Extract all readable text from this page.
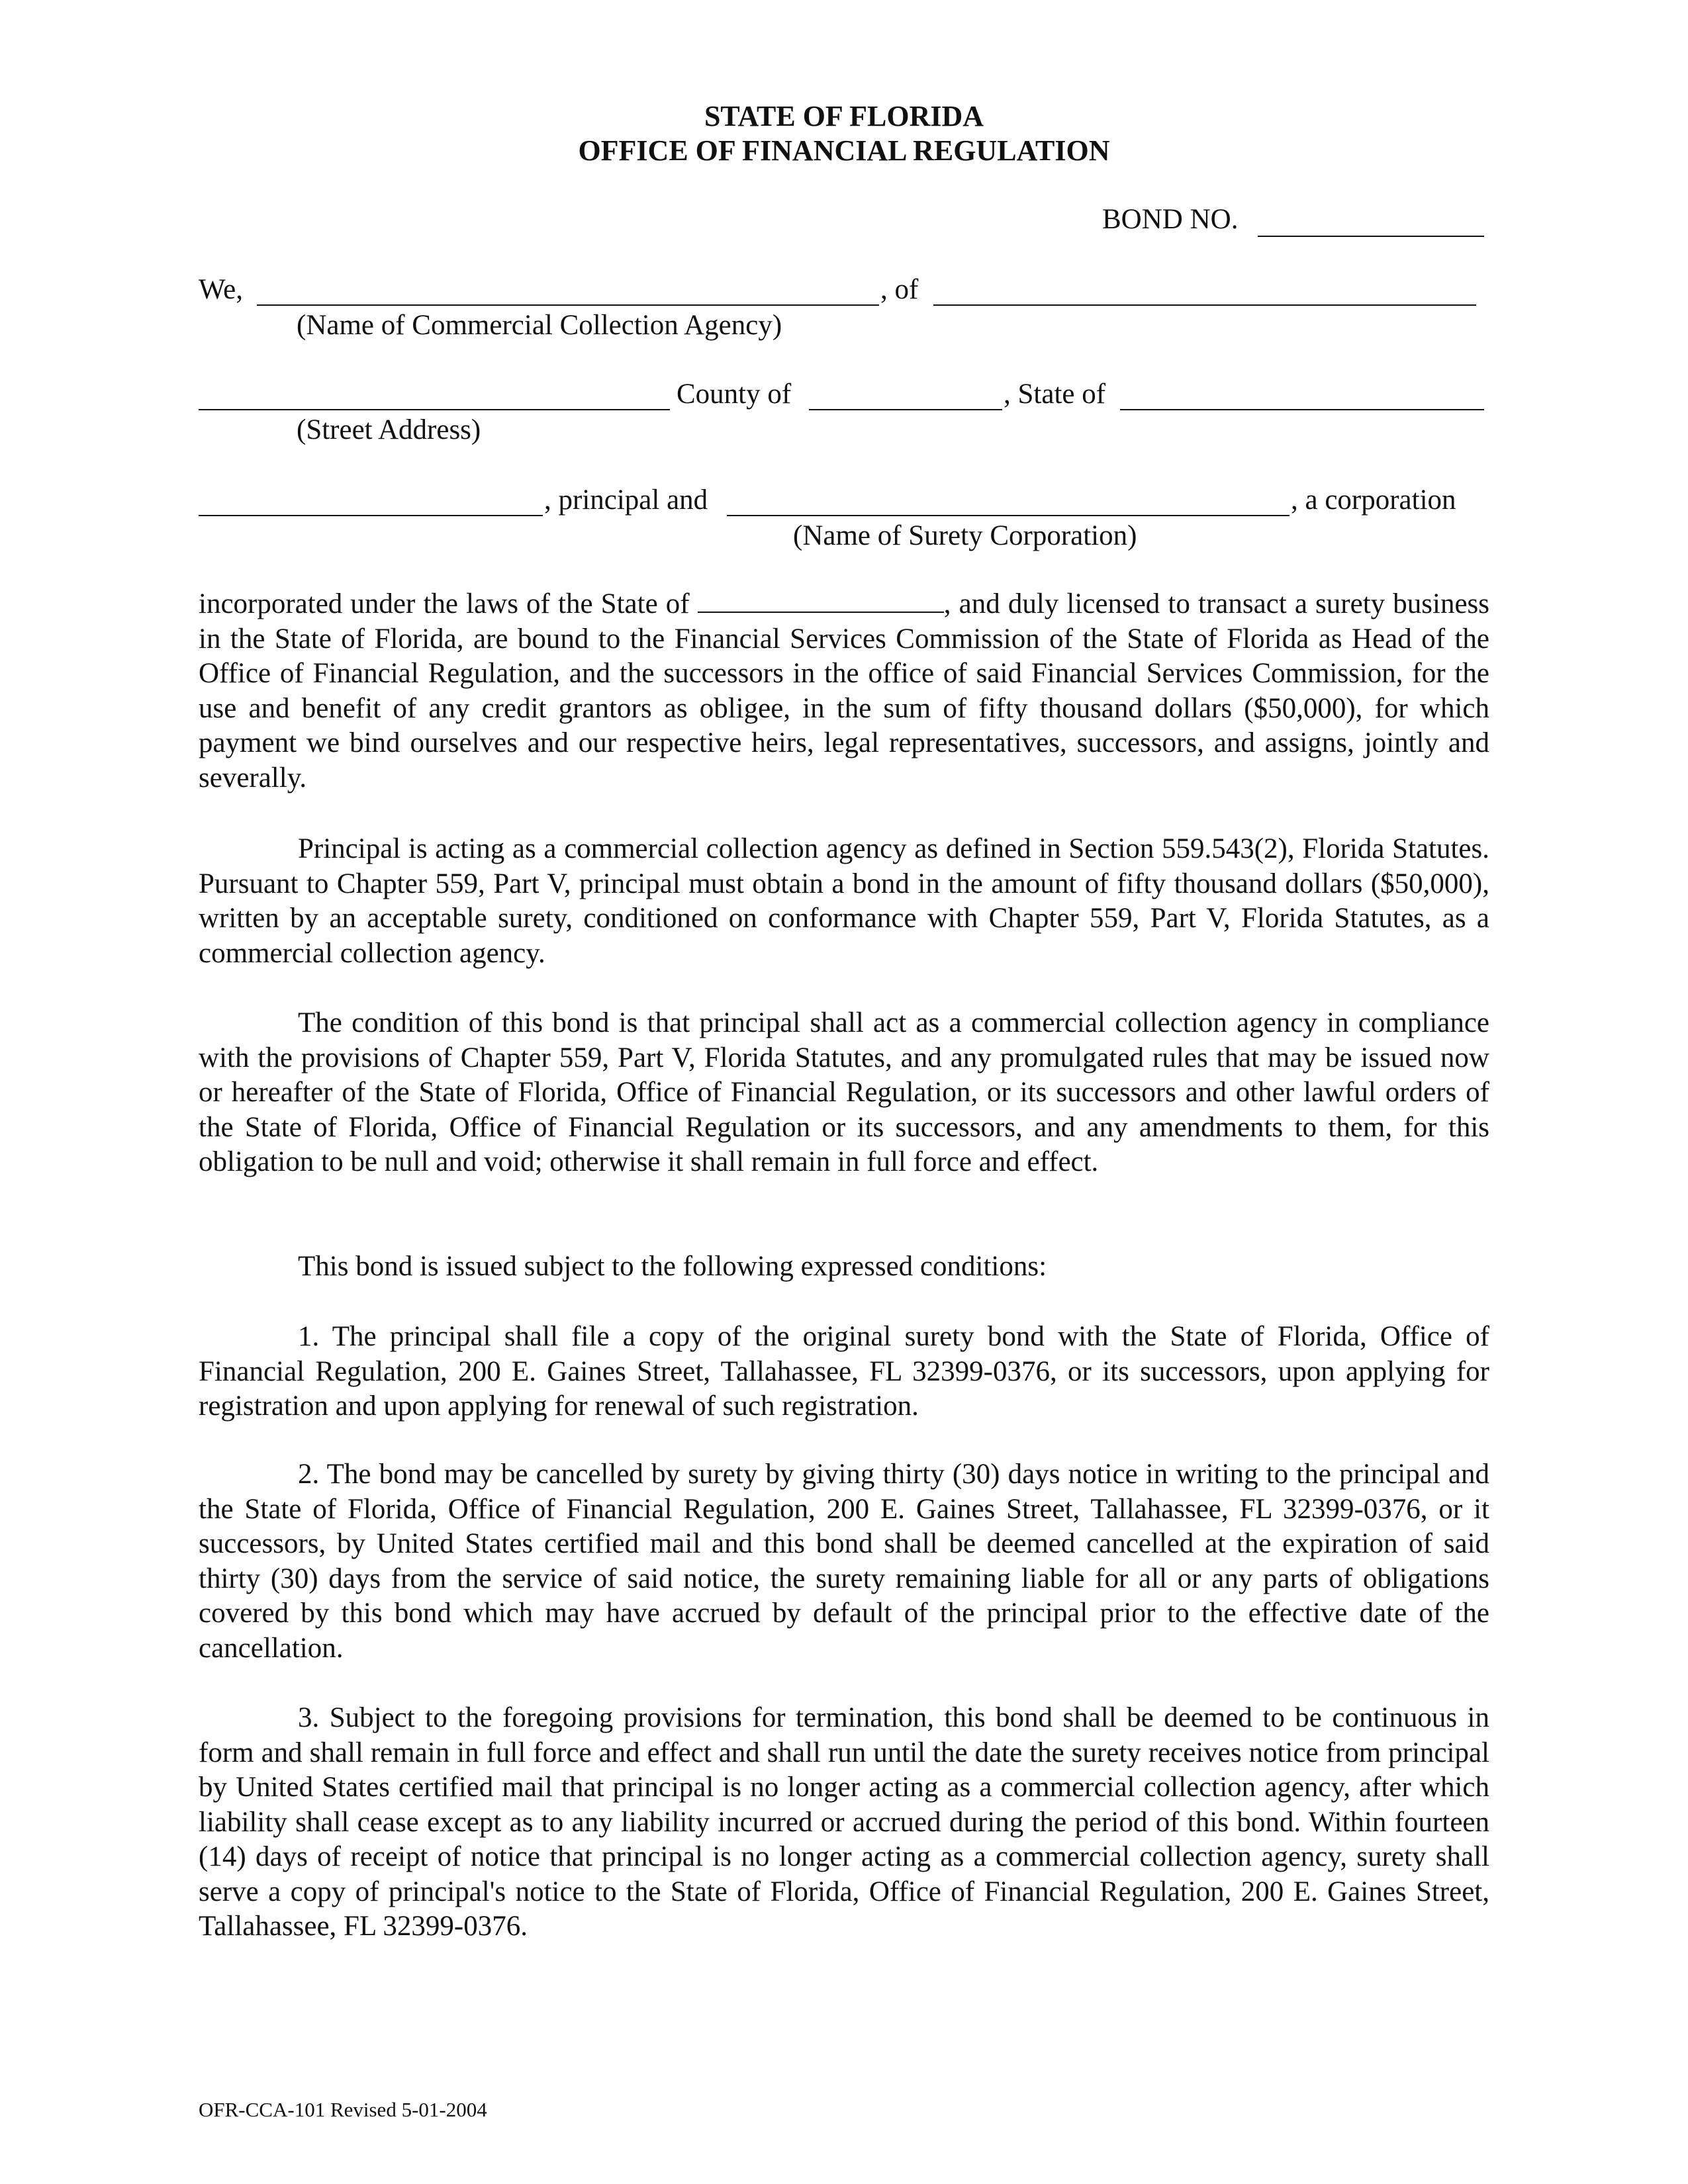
STATE OF FLORIDA
OFFICE OF FINANCIAL REGULATION
BOND NO.
We,	, of
(Name of Commercial Collection Agency)
County of	, State of
(Street Address)
, principal and	, a corporation
(Name of Surety Corporation)
incorporated under the laws of the State of	, and duly licensed to transact a surety business in the State of Florida, are bound to the Financial Services Commission of the State of Florida as Head of the Office of Financial Regulation, and the successors in the office of said Financial Services Commission, for the use and benefit of any credit grantors as obligee, in the sum of fifty thousand dollars ($50,000), for which payment we bind ourselves and our respective heirs, legal representatives, successors, and assigns, jointly and severally.
Principal is acting as a commercial collection agency as defined in Section 559.543(2), Florida Statutes. Pursuant to Chapter 559, Part V, principal must obtain a bond in the amount of fifty thousand dollars ($50,000), written by an acceptable surety, conditioned on conformance with Chapter 559, Part V, Florida Statutes, as a commercial collection agency.
The condition of this bond is that principal shall act as a commercial collection agency in compliance with the provisions of Chapter 559, Part V, Florida Statutes, and any promulgated rules that may be issued now or hereafter of the State of Florida, Office of Financial Regulation, or its successors and other lawful orders of the State of Florida, Office of Financial Regulation or its successors, and any amendments to them, for this obligation to be null and void; otherwise it shall remain in full force and effect.
This bond is issued subject to the following expressed conditions:
1. The principal shall file a copy of the original surety bond with the State of Florida, Office of Financial Regulation, 200 E. Gaines Street, Tallahassee, FL 32399-0376, or its successors, upon applying for registration and upon applying for renewal of such registration.
2. The bond may be cancelled by surety by giving thirty (30) days notice in writing to the principal and the State of Florida, Office of Financial Regulation, 200 E. Gaines Street, Tallahassee, FL 32399-0376, or it successors, by United States certified mail and this bond shall be deemed cancelled at the expiration of said thirty (30) days from the service of said notice, the surety remaining liable for all or any parts of obligations covered by this bond which may have accrued by default of the principal prior to the effective date of the cancellation.
3. Subject to the foregoing provisions for termination, this bond shall be deemed to be continuous in form and shall remain in full force and effect and shall run until the date the surety receives notice from principal by United States certified mail that principal is no longer acting as a commercial collection agency, after which liability shall cease except as to any liability incurred or accrued during the period of this bond. Within fourteen (14) days of receipt of notice that principal is no longer acting as a commercial collection agency, surety shall serve a copy of principal's notice to the State of Florida, Office of Financial Regulation, 200 E. Gaines Street, Tallahassee, FL 32399-0376.
OFR-CCA-101 Revised 5-01-2004
